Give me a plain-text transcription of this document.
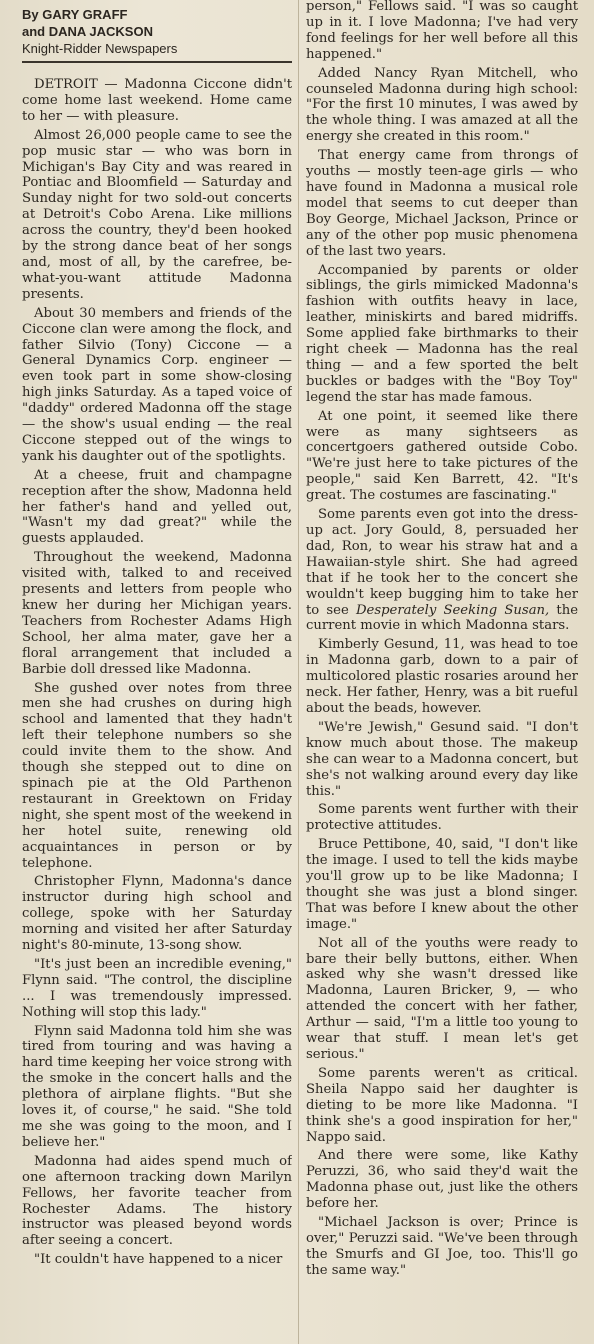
By GARY GRAFF
and DANA JACKSON
Knight-Ridder Newspapers

DETROIT — Madonna Ciccone didn't come home last weekend. Home came to her — with pleasure.

Almost 26,000 people came to see the pop music star — who was born in Michigan's Bay City and was reared in Pontiac and Bloomfield — Saturday and Sunday night for two sold-out concerts at Detroit's Cobo Arena. Like millions across the country, they'd been hooked by the strong dance beat of her songs and, most of all, by the carefree, be-what-you-want attitude Madonna presents.

About 30 members and friends of the Ciccone clan were among the flock, and father Silvio (Tony) Ciccone — a General Dynamics Corp. engineer — even took part in some show-closing high jinks Saturday. As a taped voice of "daddy" ordered Madonna off the stage — the show's usual ending — the real Ciccone stepped out of the wings to yank his daughter out of the spotlights.

At a cheese, fruit and champagne reception after the show, Madonna held her father's hand and yelled out, "Wasn't my dad great?" while the guests applauded.

Throughout the weekend, Madonna visited with, talked to and received presents and letters from people who knew her during her Michigan years. Teachers from Rochester Adams High School, her alma mater, gave her a floral arrangement that included a Barbie doll dressed like Madonna.

She gushed over notes from three men she had crushes on during high school and lamented that they hadn't left their telephone numbers so she could invite them to the show. And though she stepped out to dine on spinach pie at the Old Parthenon restaurant in Greektown on Friday night, she spent most of the weekend in her hotel suite, renewing old acquaintances in person or by telephone.

Christopher Flynn, Madonna's dance instructor during high school and college, spoke with her Saturday morning and visited her after Saturday night's 80-minute, 13-song show.

"It's just been an incredible evening," Flynn said. "The control, the discipline ... I was tremendously impressed. Nothing will stop this lady."

Flynn said Madonna told him she was tired from touring and was having a hard time keeping her voice strong with the smoke in the concert halls and the plethora of airplane flights. "But she loves it, of course," he said. "She told me she was going to the moon, and I believe her."

Madonna had aides spend much of one afternoon tracking down Marilyn Fellows, her favorite teacher from Rochester Adams. The history instructor was pleased beyond words after seeing a concert.

"It couldn't have happened to a nicer

person," Fellows said. "I was so caught up in it. I love Madonna; I've had very fond feelings for her well before all this happened."

Added Nancy Ryan Mitchell, who counseled Madonna during high school: "For the first 10 minutes, I was awed by the whole thing. I was amazed at all the energy she created in this room."

That energy came from throngs of youths — mostly teen-age girls — who have found in Madonna a musical role model that seems to cut deeper than Boy George, Michael Jackson, Prince or any of the other pop music phenomena of the last two years.

Accompanied by parents or older siblings, the girls mimicked Madonna's fashion with outfits heavy in lace, leather, miniskirts and bared midriffs. Some applied fake birthmarks to their right cheek — Madonna has the real thing — and a few sported the belt buckles or badges with the "Boy Toy" legend the star has made famous.

At one point, it seemed like there were as many sightseers as concertgoers gathered outside Cobo. "We're just here to take pictures of the people," said Ken Barrett, 42. "It's great. The costumes are fascinating."

Some parents even got into the dress-up act. Jory Gould, 8, persuaded her dad, Ron, to wear his straw hat and a Hawaiian-style shirt. She had agreed that if he took her to the concert she wouldn't keep bugging him to take her to see Desperately Seeking Susan, the current movie in which Madonna stars.

Kimberly Gesund, 11, was head to toe in Madonna garb, down to a pair of multicolored plastic rosaries around her neck. Her father, Henry, was a bit rueful about the beads, however.

"We're Jewish," Gesund said. "I don't know much about those. The makeup she can wear to a Madonna concert, but she's not walking around every day like this."

Some parents went further with their protective attitudes.

Bruce Pettibone, 40, said, "I don't like the image. I used to tell the kids maybe you'll grow up to be like Madonna; I thought she was just a blond singer. That was before I knew about the other image."

Not all of the youths were ready to bare their belly buttons, either. When asked why she wasn't dressed like Madonna, Lauren Bricker, 9, — who attended the concert with her father, Arthur — said, "I'm a little too young to wear that stuff. I mean let's get serious."

Some parents weren't as critical. Sheila Nappo said her daughter is dieting to be more like Madonna. "I think she's a good inspiration for her," Nappo said.

And there were some, like Kathy Peruzzi, 36, who said they'd wait the Madonna phase out, just like the others before her.

"Michael Jackson is over; Prince is over," Peruzzi said. "We've been through the Smurfs and GI Joe, too. This'll go the same way."
